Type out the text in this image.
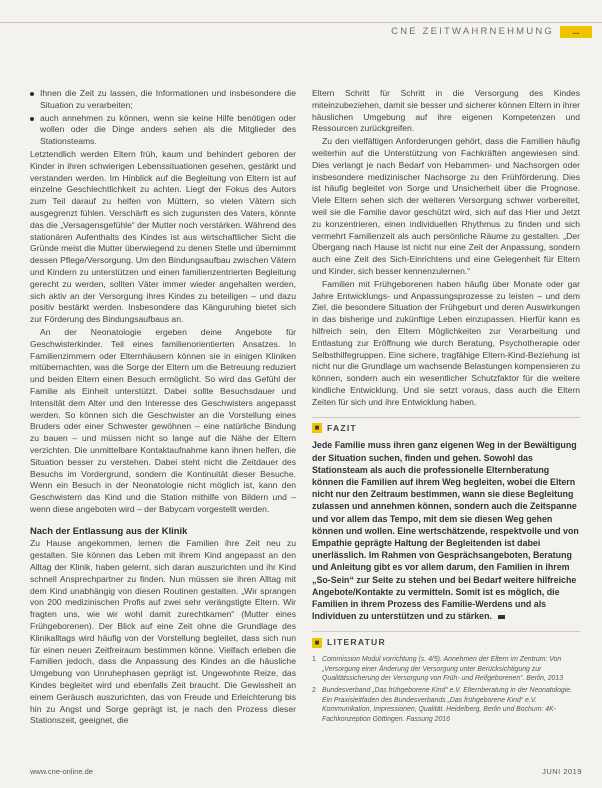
CNE ZEITWAHRNEHMUNG	...
Ihnen die Zeit zu lassen, die Informationen und insbesondere die Situation zu verarbeiten;
auch annehmen zu können, wenn sie keine Hilfe benötigen oder wollen oder die Dinge anders sehen als die Mitglieder des Stationsteams.

Letztendlich werden Eltern früh, kaum und behindert geboren der Kinder in ihren schwierigen Lebenssituationen gesehen, gestärkt und verstanden werden. Im Hinblick auf die Begleitung von Eltern ist auf einzelne Geschlechtlichkeit zu achten. Liegt der Fokus des Autors zum Teil darauf zu helfen von Müttern, so vielen Vätern sich ausgegrenzt fühlen. Verschärft es sich zugunsten des Vaters, könnte das die „Versagensgefühle“ der Mutter noch verstärken. Während des stationären Aufenthalts des Kindes ist aus wirtschaftlicher Sicht die Gründe meist die Mutter überwiegend zu denen Stelle und übernimmt dessen Pflege/Versorgung. Um den Bindungsaufbau zwischen Vätern und Kindern zu unterstützen und einen familienzentrierten Begleitung gerecht zu werden, sollten Väter immer wieder angehalten werden, sich aktiv an der Versorgung ihres Kindes zu beteiligen – und dazu positiv bestärkt werden. Insbesondere das Känguruhing bietet sich zur Förderung des Bindungsaufbaus an.

An der Neonatologie ergeben deine Angebote für Geschwisterkinder. Teil eines familienorientierten Ansatzes. In Familienzimmern oder Elternhäusern können sie in einigen Kliniken mitübernachten, was die Sorge der Eltern um die Betreuung reduziert und beiden Eltern einen Besuch ermöglicht. So wird das Gefühl der Familie als Einheit unterstützt. Dabei sollte Besuchsdauer und Intensität dem Alter und den Interesse des Geschwisters angepasst werden. So können sich die Geschwister an die Vorstellung eines Bruders oder einer Schwester gewöhnen – eine natürliche Bindung zu bauen – und müssen nicht so lange auf die Nähe der Eltern verzichten. Die unmittelbare Kontaktaufnahme kann ihnen helfen, die Situation besser zu verstehen. Dabei steht nicht die Zeitdauer des Besuchs im Vordergrund, sondern die Kontinuität dieser Besuche. Wenn ein Besuch in der Neonatologie nicht möglich ist, kann den Geschwistern das Kind und die Station mithilfe von Bildern und – wenn diese angeboten wird – der Babycam vorgestellt werden.

Nach der Entlassung aus der Klinik

Zu Hause angekommen, lernen die Familien ihre Zeit neu zu gestalten. Sie können das Leben mit ihrem Kind angepasst an den Alltag der Klinik, haben gelernt, sich daran auszurichten und ihr Kind schnell Ansprechpartner zu finden. Nun müssen sie ihren Alltag mit dem Kind unabhängig von diesen Routinen gestalten. „Wir sprangen von 200 medizinischen Profis auf zwei sehr verängstigte Eltern. Wir fragten uns, wie wir wohl damit zurechtkamen“ (Mutter eines Frühgeborenen). Der Blick auf eine Zeit ohne die Grundlage des Klinikalltags wird häufig von der Vorstellung begleitet, dass sich nun für einen neuen Zeitfreiraum bestimmen könne. Vielfach erleben die Familien jedoch, dass die Anpassung des Kindes an die häusliche Umgebung von Unruhephasen geprägt ist. Ungewohnte Reize, das Kindes begleitet wird und ebenfalls Zeit braucht. Die Gewissheit an einem Geräusch auszurichten, das von Freude und Erleichterung bis hin zu Angst und Sorge geprägt ist, je nach den Prozess dieser Stationszeit, geeignet, die

Eltern Schritt für Schritt in die Versorgung des Kindes miteinzubeziehen, damit sie besser und sicherer können Eltern in ihrer häuslichen Umgebung auf ihre eigenen Kompetenzen und Ressourcen zurückgreifen.

Zu den vielfältigen Anforderungen gehört, dass die Familien häufig weiterhin auf die Unterstützung von Fachkräften angewiesen sind. Dies verlangt je nach Bedarf von Hebammen- und Nachsorgen oder insbesondere medizinischer Nachsorge zu den Frühförderung. Dies ist häufig begleitet von Sorge und Unsicherheit über die Prognose. Viele Eltern sehen sich der weiteren Versorgung schwer vorbereitet, weil sie die Familie davor geschützt wird, sich auf das Hier und Jetzt zu konzentrieren, einen individuellen Rhythmus zu finden und sich vermehrt Familienzeit als auch persönliche Räume zu gestalten. „Der Übergang nach Hause ist nicht nur eine Zeit der Anpassung, sondern auch eine Zeit des Sich-Einrichtens und eine Gelegenheit für Eltern und Kinder, sich besser kennenzulernen.“

Familien mit Frühgeborenen haben häufig über Monate oder gar Jahre Entwicklungs- und Anpassungsprozesse zu leisten – und dem Ziel, die besondere Situation der Frühgeburt und deren Auswirkungen in das bisherige und zukünftige Leben einzupassen. Hierfür kann es hilfreich sein, den Eltern Möglichkeiten zur Verarbeitung und Entlastung zur Eröffnung wie durch Beratung, Psychotherapie oder Selbsthilfegruppen. Eine sichere, tragfähige Eltern-Kind-Beziehung ist nicht nur die Grundlage um wachsende Belastungen kompensieren zu können, sondern auch ein wesentlicher Schutzfaktor für die weitere kindliche Entwicklung. Und sie setzt voraus, dass auch die Eltern Zeiten für sich und ihre Entwicklung haben.

■ FAZIT
Jede Familie muss ihren ganz eigenen Weg in der Bewältigung der Situation suchen, finden und gehen. Sowohl das Stationsteam als auch die professionelle Elternberatung können die Familien auf ihrem Weg begleiten, wobei die Eltern nicht nur den Zeitraum bestimmen, wann sie diese Begleitung zulassen und annehmen können, sondern auch die Zeitspanne und vor allem das Tempo, mit dem sie diesen Weg gehen können und wollen. Eine wertschätzende, respektvolle und von Empathie geprägte Haltung der Begleitenden ist dabei unerlässlich. Im Rahmen von Gesprächsangeboten, Beratung und Anleitung gibt es vor allem darum, den Familien in ihrem „So-Sein“ zur Seite zu stehen und bei Bedarf weitere hilfreiche Angebote/Kontakte zu vermitteln. Somit ist es möglich, die Familien in ihrem Prozess des Familie-Werdens und als Individuen zu unterstützen und zu stärken.
■ LITERATUR
1 Commission Modul vorrichtung (s. 4/5). Annehmen der Eltern im Zentrum: Von „Versorgung einer Änderung der Versorgung unter Berücksichtigung zur Qualitätssicherung der Versorgung von Früh- und Reifgeborenen“. Berlin, 2013
2 Bundesverband „Das frühgeborene Kind“ e.V. Elternberatung in der Neonatologie. Ein Praxisleitfaden des Bundesverbands „Das frühgeborene Kind“ e.V. Kommunikation, Impressionen, Qualität. Heidelberg, Berlin und Bochum: 4K-Fachkonzeption Göttingen. Fassung 2016
www.cne-online.de	JUNI 2019
